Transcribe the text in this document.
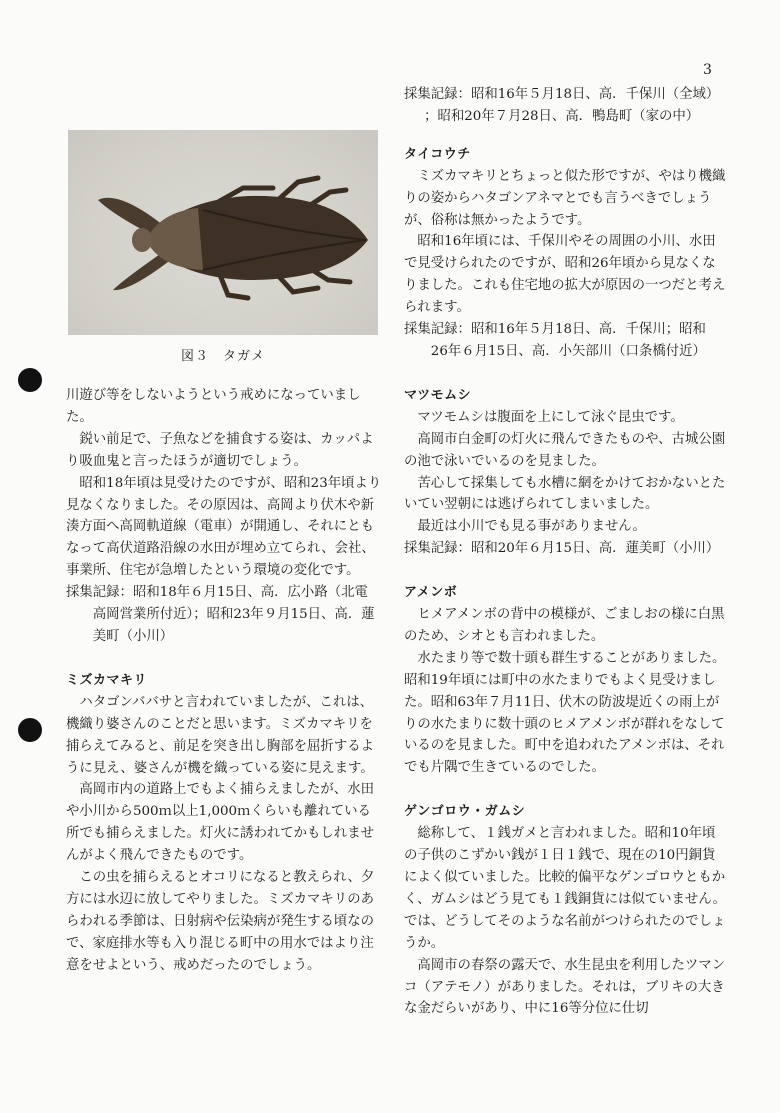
3
図３　タガメ

川遊び等をしないようという戒めになっていました。

鋭い前足で、子魚などを捕食する姿は、カッパより吸血鬼と言ったほうが適切でしょう。

昭和18年頃は見受けたのですが、昭和23年頃より見なくなりました。その原因は、高岡より伏木や新湊方面へ高岡軌道線（電車）が開通し、それにともなって高伏道路沿線の水田が埋め立てられ、会社、事業所、住宅が急増したという環境の変化です。

採集記録：昭和18年６月15日、高．広小路（北電
高岡営業所付近）；昭和23年９月15日、高．蓮
美町（小川）

ミズカマキリ

ハタゴンババサと言われていましたが、これは、機織り婆さんのことだと思います。ミズカマキリを捕らえてみると、前足を突き出し胸部を屈折するように見え、婆さんが機を織っている姿に見えます。

高岡市内の道路上でもよく捕らえましたが、水田や小川から500ｍ以上1,000ｍくらいも離れている所でも捕らえました。灯火に誘われてかもしれませんがよく飛んできたものです。

この虫を捕らえるとオコリになると教えられ、夕方には水辺に放してやりました。ミズカマキリのあらわれる季節は、日射病や伝染病が発生する頃なので、家庭排水等も入り混じる町中の用水ではより注意をせよという、戒めだったのでしょう。

採集記録：昭和16年５月18日、高．千保川（全域）
；昭和20年７月28日、高．鴨島町（家の中）

タイコウチ

ミズカマキリとちょっと似た形ですが、やはり機織りの姿からハタゴンアネマとでも言うべきでしょうが、俗称は無かったようです。

昭和16年頃には、千保川やその周囲の小川、水田で見受けられたのですが、昭和26年頃から見なくなりました。これも住宅地の拡大が原因の一つだと考えられます。

採集記録：昭和16年５月18日、高．千保川；昭和
26年６月15日、高．小矢部川（口条橋付近）

マツモムシ

マツモムシは腹面を上にして泳ぐ昆虫です。

高岡市白金町の灯火に飛んできたものや、古城公園の池で泳いでいるのを見ました。

苦心して採集しても水槽に網をかけておかないとたいてい翌朝には逃げられてしまいました。

最近は小川でも見る事がありません。

採集記録：昭和20年６月15日、高．蓮美町（小川）

アメンボ

ヒメアメンボの背中の模様が、ごましおの様に白黒のため、シオとも言われました。

水たまり等で数十頭も群生することがありました。昭和19年頃には町中の水たまりでもよく見受けました。昭和63年７月11日、伏木の防波堤近くの雨上がりの水たまりに数十頭のヒメアメンボが群れをなしているのを見ました。町中を追われたアメンボは、それでも片隅で生きているのでした。

ゲンゴロウ・ガムシ

総称して、１銭ガメと言われました。昭和10年頃の子供のこずかい銭が１日１銭で、現在の10円銅貨によく似ていました。比較的偏平なゲンゴロウともかく、ガムシはどう見ても１銭銅貨には似ていません。では、どうしてそのような名前がつけられたのでしょうか。

高岡市の春祭の露天で、水生昆虫を利用したツマンコ（アテモノ）がありました。それは，ブリキの大きな金だらいがあり、中に16等分位に仕切
